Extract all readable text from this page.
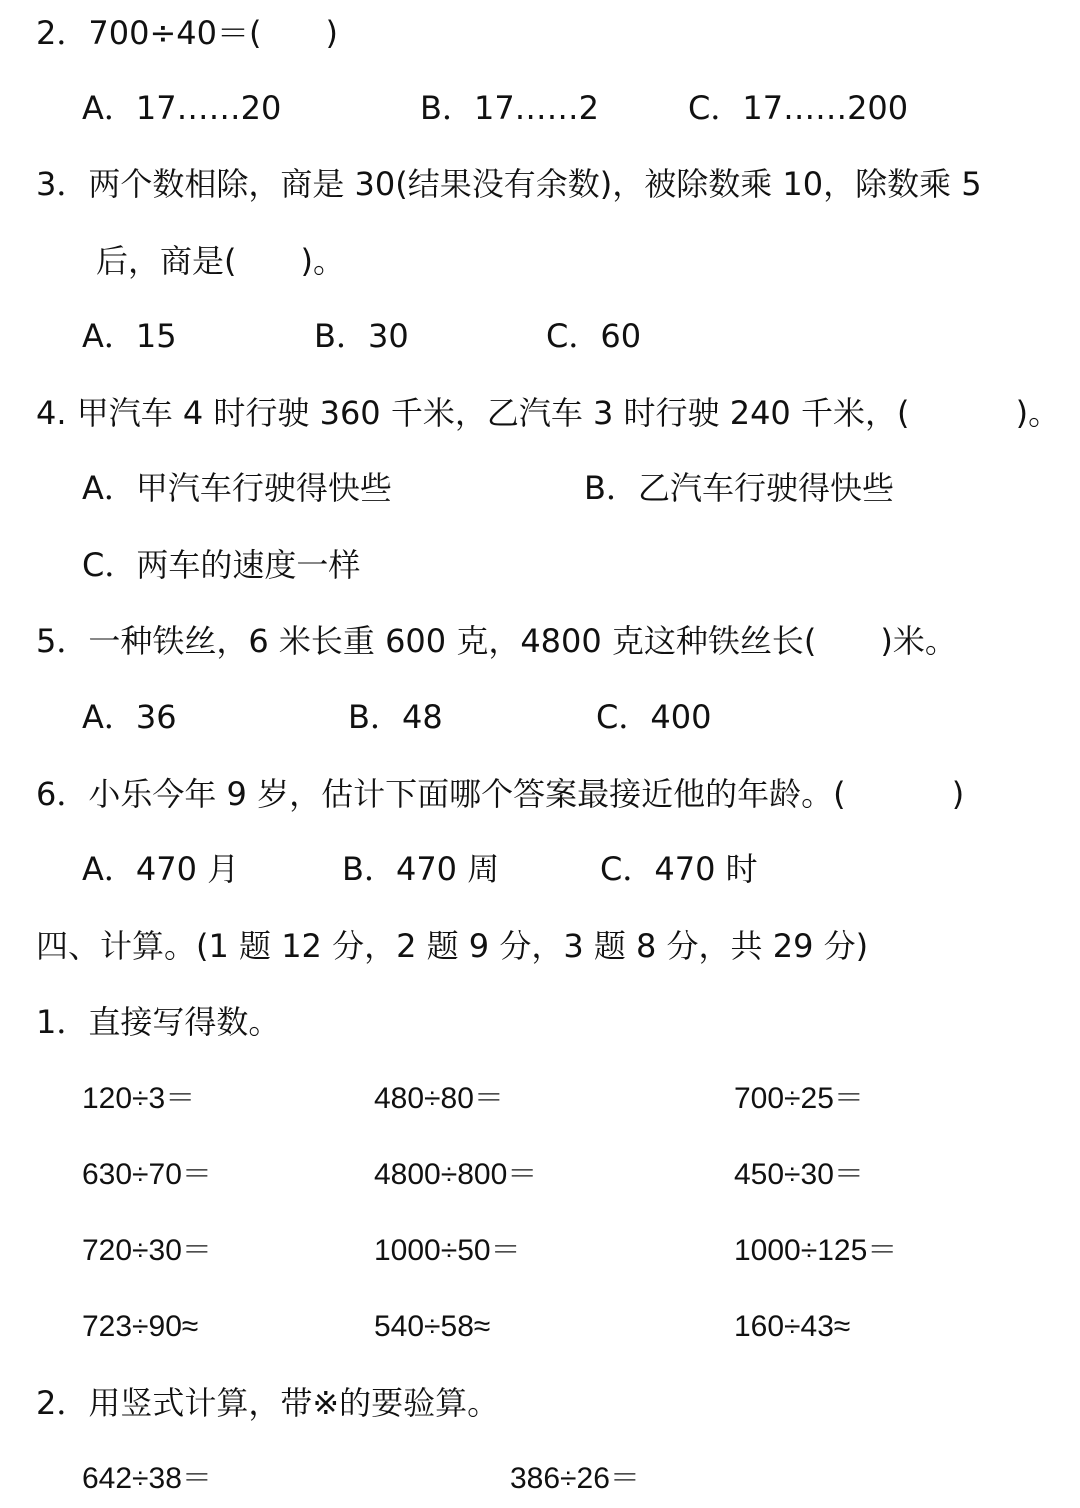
2．700÷40＝(　　)
A．17……20	B．17……2	C．17……200
3．两个数相除，商是 30(结果没有余数)，被除数乘 10，除数乘 5
后，商是(　　)。
A．15	B．30	C．60
4. 甲汽车 4 时行驶 360 千米，乙汽车 3 时行驶 240 千米，(　　　 )。
A．甲汽车行驶得快些	B．乙汽车行驶得快些
C．两车的速度一样
5．一种铁丝，6 米长重 600 克，4800 克这种铁丝长(　　)米。
A．36	B．48	C．400
6．小乐今年 9 岁，估计下面哪个答案最接近他的年龄。(　　　 )
A．470 月	B．470 周	C．470 时
四、计算。(1 题 12 分，2 题 9 分，3 题 8 分，共 29 分)
1．直接写得数。
120÷3＝	480÷80＝	700÷25＝
630÷70＝	4800÷800＝	450÷30＝
720÷30＝	1000÷50＝	1000÷125＝
723÷90≈	540÷58≈	160÷43≈
2．用竖式计算，带※的要验算。
642÷38＝	386÷26＝
